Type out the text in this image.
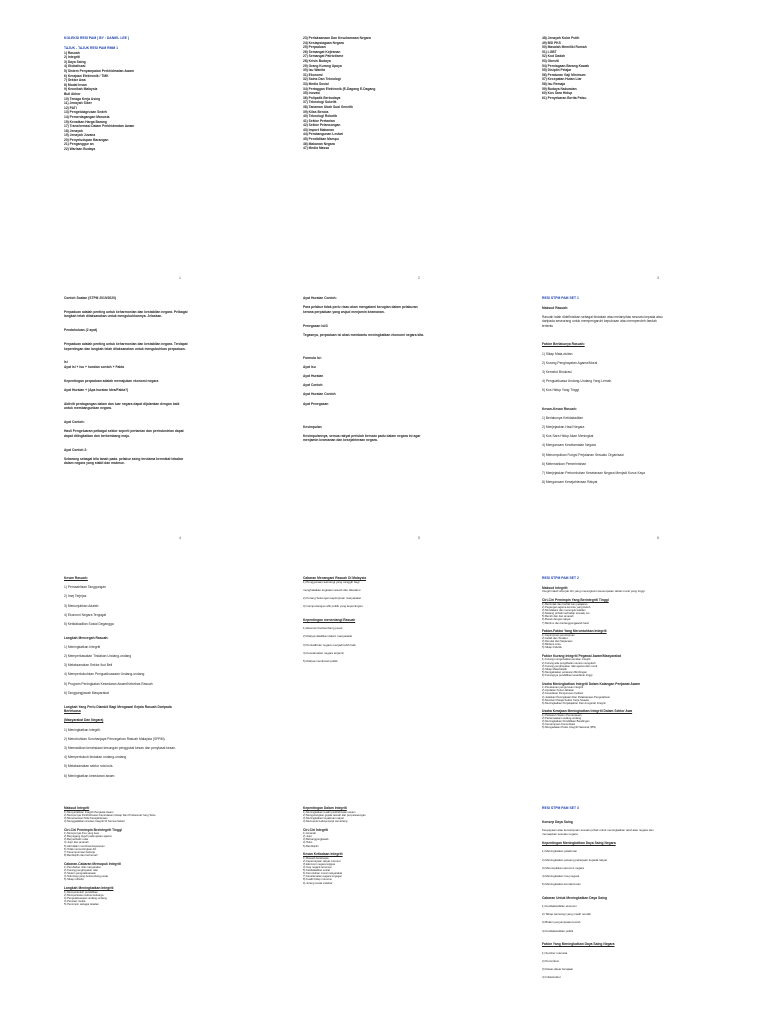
KOLEKSI RESI PAM ( BY : DANIEL LEE )

TAJUK - TAJUK RESI PAM RMM 1
1) Rasuah
2) Integriti
3) Daya Saing
4) Globalisasi
5) Sistem Penyampaian Perkhidmatan Awam
6) Kerajaan Elektronik / TMK
7) Sektor Awa
8) Modal Insan
9) Keunikah Malaysia
Buil Akhor
10) Tenaga Kerja Asing
11) Jenayah Siber
12) PATI
13) Pengelolagrusan Sedeh
14) Pemerdagangan Manusia
15) Kenaikan Harga Barang
17) Transformasi Dalam Perkhidmatan Awam
18) Jenayah
19) Jenayah Juvana
20) Penyeludupan Barangan
21) Penganggur an
22) Warisan Budaya
1
23) Perlaksanaan Dan Kesukarnaan Negara
24) Kesiapsiagaan Negara
25) Perpaduan
26) Semangat Kejiranan
27) Semangat Patriotisme
28) Krisis Budaya
29) Orang Kurang Upaya
30) Isu Wanita
31) Ekonomi
32) Sains Dan Teknologi
33) Media Sosial
34) Pertaggan Elektronik (E-Dagang E-Dagang
35) Inovasi
36) Polipatik Berbudaya
37) Teknologi Sukelik
38) Tanaman Ubah Suai Genetik
39) Kilas Bencia
40) Teknologi Robotik
41) Sektor Pertanian
42) Sektor Pelancongan
43) Import Makanan
44) Pembangunan Lestari
45) Pendidikan Mampu
46) Makanan Negara
47) Media Massa
2
48) Jenayah Kolar Putih
49) BSI PKS
50) Masalah Memiliki Rumah
51) LGBT
52) Kod Dadah
53) Obesiti
54) Perniagaan Barang Kawak
55) Disiplin Pelajar
56) Peraturan Gaji Minimum
57) Kecepatan Hutan Liar
58) Isu Remaja
59) Budaya Naburaian
60) Kos Sara Hidup
61) Penyebaran Berita Palsu
3
Contoh Soalan (STPM 2019/2020)

Perpaduan adalah penting untuk keharmonian dan kestabilan negara. Pelbagai
langkah telah dilaksanakan untuk mengukuhkannya. Jelaskan.

Pendahuluan (2 ayat)

Perpaduan adalah penting untuk keharmonian dan kestabilan negara. Terdapat
kepentingan dan langkah telah dilaksanakan untuk mengukuhkan perpaduan.

Isi
Ayat Isi + Isu + huraian contoh + Fakta

Kepentingan perpaduan adalah memajukan ekonomi negara

Ayat Huraian + (Apa huraian Idea/Fakta?)

Aktiviti perdagangan dalam dan luar negara dapat dijalankan dengan baik
untuk membangunkan negara.

Ayat Contoh:

Hasil Pengeluaran pelbagai sektor seperti pertanian dan perindustrian dapat
dapat ditingkatkan dan berkembang maju.

Ayat Contoh 2:

Sebarang sebagai bila tanah pada. pelabur asing terutama kemnikat tebabar
dalam negara yang stabil dan makmur.
4
Ayat Huraian Contoh:

Para pelabur tidak perlu risau akan mengalami kerugian dalam pelaburan
kerana perpaduan yang wujud menjamin keamanan.

Penegasan Isi/3

Tegasnya, perpaduan isi akan membantu meningkatkan ekonomi negara kita.

Formula Isi:

Ayat Isu

Ayat Huraian

Ayat Contoh

Ayat Huraian Contoh

Ayat Penegasan

Kesimpulan

Kesimpulannya, semua rakyat perlulah bersatu padu dalam negara ini agar
menjamin keamanan dan kesejahteraan negara.
5
RESI STPM PAM SET 1

Maksud Rasuah:

Rasuah ialah didefinisikan sebagai tindakan atau melanyihas sesuatu kepada atau
daripada seseorang untuk mempengaruhi keputusan atau memperoleh faedah
tertentu

Faktor Berlakunya Rasuah:

1) Sikap Mata-duitan

2) Kurang Penghayatan Agama/Moral

3) Kemelut Birokrasi

4) Penguatkuasa Undang-Undang Yang Lemah

5) Kos Hidup Yang Tinggi

Kesan-Kesan Rasuah:

1) Berlakunya Ketidakadilan

2) Menjejaskan Hasil Negara

3) Kos Sara Hidup Akan Meningkat

4) Mengancam Keselamatan Negara

5) Menumpulkan Fungsi Perjalanan Sesuatu Organisasi

6) Melemahkan Pemerintahan

7) Menjejaskan Pertumbuhan Kesetaraan Negara Menjadi Kurus Kaya

8) Mengancam Kesejahteraan Rakyat
6
Kesan Rasuah:

1) Pemaahlisan Tanggungan

2) Imej Terjejas

3) Menunjukkan Adalah

4) Ekonomi Negara Tergugat

5) Ketidakadilan Sosial Degangga

Langkah Mencegah Rasuah:

1) Meningkatkan Integriti

2) Memperkasakan Tindakan Undang-undang

3) Melaksanakan Sektor Ikut Beli

4) Memperkukuhkan Penguatkuasaan Undang-undang

5) Program Peningkatan Kesedaran Awam/Kebebas Rasuah

6) Tanggungjawab Masyarakat

Langkah Yang Perlu Diambil Bagi Mengawal Gejala Rasuah Daripada
Berleluasa

(Masyarakat Dan Negara)

1) Meningkatkan integriti.

2) Menubuhkan Suruhanjaya Pencegahan Rasuah Malaysia (SPRM).

3) Memastikan kerahsiaan kesungan penggubal kesan dan penyiasat kesan.

4) Memperkukuh tindakan undang-undang

5) Melaksanakan sektor ruta kuis.

6) Meningkatkan kesedaran awam
Cabaran Menangani Rasuah Di Malaysia
1) Penggunaan teknologi yang canggih bagi

menghalalkan kegiatan rasuah dan diketahui

2) Kurang Sokongan kepimpinan masyarakat

3) Campurtangan ahli politik yang kepentingan.

Kepentingan menentangi Rasuah

1) Ekonomi berkembang pesat

2) Rakyat diadilkan dalam masyarakat

3) Pentadbiran negara menjadi lebih baik

4) Keselamatan negara terjamin

5) Rakyat menikmati politik
RESI STPM PAM SET 2

Maksud Integriti:
Integriti ialah sifat jati diri yang merangkumi kesempatan tabiat moral yang tinggi.

Ciri-Ciri Pemimpin Yang Berintegriti Tinggi
1) Bertindak dan berfikir kan pelajaran
2) Pegangan agama kemutu yang kukuh
3) Mendalami dan menunjuk teladan
4) Matang prihatin terhadap sesuatu isu
5) Bersih dan dan amanah
6) Busuk dengan rakyat
7) Berilmu dan bertanggungjawab hauri

Faktor-Faktor Yang Meruntuhkan Integriti
1) Kepimpinan pemimpinan
2) Asilah dan Tenaker
3) Dimulai dari Sarjanaan
4) Birdemi.ozca
5) Sikap Individu

Faktor Kurang Integriti Pegawai Awam/Masyarakat
1) Kurang mengehakkan amalan integriti
2) Kurang ada penglibatan secara mengukuh
3) Kurang penghayatan nilai agama dan moral
4) Sikap Materialistik
5) Mengabaikan peraturan Bimbingan
6) Kurangnya pendidikan kesedaran tinggi

Usaha Meningkatkan Integriti Dalam Kalangan Penjawat Awam
1) Penekanan pengurusan integriti
2) Arpdatan Ketua Jabatan
3) Kesedaran Pengurusan Institusi
4) Jelaskan Peningkatan Dan Pelaksanaan Pengetahuan
5) Memberi Pelaja Sektor Kerja Swasta
6) Meningkatkan Penjelajahan Dan Anugerah Integriti

Usaha Kerajaan Meningkatkan Integriti Dalam Sektor Awa
1) Perkukuh Sistem Pemantauan
2) Perkemaskan undang-undang
3) Meningkatkan Pendidikan Bandingan
4) Kemampuan Komunikasi
5) Mengadakan Pelan Integriti Nasional (PIN)
Maksud Integriti
1) Menyerlahkan Integriti Penjawat Awam
2) Mempunyai Perkhidmatan Kecerdasan Cekap Dan Profesional Yang Telus
3) Menanamkan Nilai Kesejahteraan
4) Menggalakkan Amalan Integriti Di Semua Sektor

Ciri-Ciri Pemimpin Berintegriti Tinggi
1) Mempunyai ilmu yang luas
2) Berpegang teguh pada ajaran agama
3) Berperibadi mulia
4) Jujur dan amanah
5) Adil dalam membuat keputusan
6) Tidak mementingkan diri
7) Kesempurnaan bekerja
8) Berdisiplin dan berhemah

Cabaran-Cabaran Memupuk Integriti
1) Perubahan nilai masyarakat
2) Kurang penghayatan nilai
3) Sistem penguatkuasaan
4) Teknologi yang berkembang pesat
5) Sikap individu

Langkah Meningkatkan Integriti
1) Memperkukuh pendidikan
2) Memperkasa institusi keluarga
3) Penguatkuasaan undang-undang
4) Peranan media
5) Pemimpin sebagai teladan
Kepentingan Dalam Integriti
1) Meningkatkan kualiti perkhidmatan awam
2) Mengurangkan gejala rasuah dan penyelewengan
3) Meningkatkan keyakinan rakyat
4) Memupuk budaya kerja cemerlang

Ciri-Ciri Integriti
1) Amanah
2) Jujur
3) Bertanggungjawab
4) Telus
5) Berdisiplin

Kesan Ketiadaan Integriti
1) Rasuah berleluasa
2) Kepercayaan rakyat merosot
3) Ekonomi negara terjejas
4) Imej negara tercemar
5) Ketidakadilan sosial
6) Keruntuhan moral masyarakat
7) Keselamatan negara tergugat
8) Kualiti hidup menurun
9) Jurang sosial melebar
RESI STPM PAM SET 3

Konsep Daya Saing

Keupayaan atau kemampuan sesuatu pihak untuk meningkatkan taraf atau negara dan
memajukan sesuatu negara

Kepentingan Meningkatkan Daya Saing Negara

1) Meningkatkan pelaburan

2) Meningkatkan peluang pekerjaan kepada rakyat

3) Menunjukkan ekonomi negara

4) Meningkatkan imej negara

5) Meningkatkan kemakmuran

Cabaran Untuk Meningkatkan Daya Saing

1) Ketidakstabilan ekonomi

2) Tahap teknologi yang masih rendah

3) Bidam penyampaian lemah

4) Ketidakstabilan politik

Faktor Yang Meningkatkan Daya Saing Negara

1) Sumber manusia

2) Pemimbun

3) Dasar-dasar kerajaan

4) Infrastruktur
